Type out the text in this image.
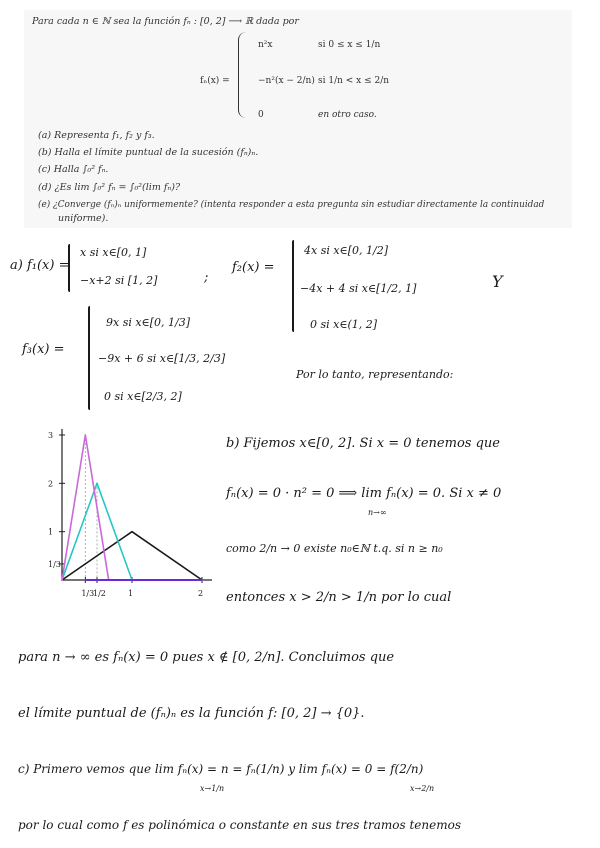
Para cada n ∈ ℕ sea la función fₙ : [0, 2] ⟶ ℝ dada por
fₙ(x) =
n²x	si 0 ≤ x ≤ 1/n
−n²(x − 2/n) si 1/n < x ≤ 2/n
0	en otro caso.
(a) Representa f₁, f₂ y f₃.
(b) Halla el límite puntual de la sucesión (fₙ)ₙ.
(c) Halla ∫₀² fₙ.
(d) ¿Es lim ∫₀² fₙ = ∫₀²(lim fₙ)?
(e) ¿Converge (fₙ)ₙ uniformemente? (intenta responder a esta pregunta sin estudiar directamente la continuidad
uniforme).
a) f₁(x) =
x si x∈[0, 1]
−x+2 si [1, 2]	;
f₂(x) =
4x si x∈[0, 1/2]
−4x + 4 si x∈[1/2, 1]
0 si x∈(1, 2]
Y
f₃(x) =
9x si x∈[0, 1/3]
−9x + 6 si x∈[1/3, 2/3]
0 si x∈[2/3, 2]
Por lo tanto, representando:
3
2
1
1/3
1/3
1/2	1	2
b) Fijemos x∈[0, 2]. Si x = 0 tenemos que
fₙ(x) = 0 · n² = 0 ⟹ lim fₙ(x) = 0. Si x ≠ 0
n→∞
como 2/n → 0 existe n₀∈ℕ t.q. si n ≥ n₀
entonces x > 2/n > 1/n por lo cual
para n → ∞ es fₙ(x) = 0 pues x ∉ [0, 2/n]. Concluimos que
el límite puntual de (fₙ)ₙ es la función f: [0, 2] → {0}.
c) Primero vemos que lim fₙ(x) = n = fₙ(1/n) y lim fₙ(x) = 0 = f(2/n)
x→1/n	x→2/n
por lo cual como f es polinómica o constante en sus tres tramos tenemos
